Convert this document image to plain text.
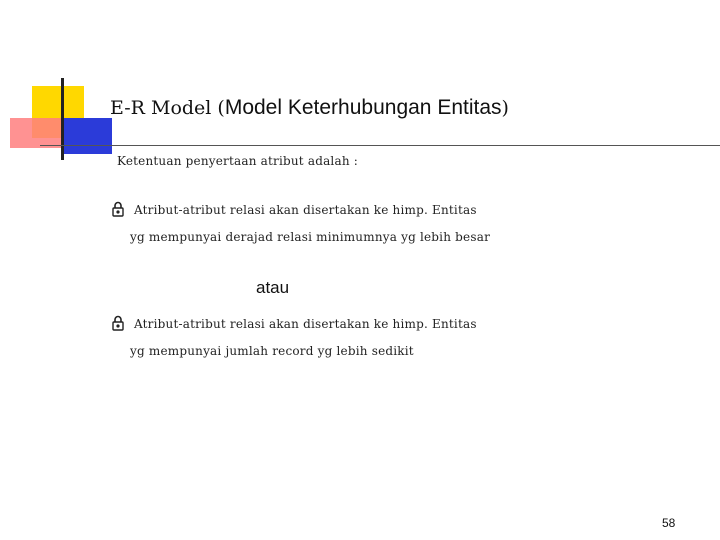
E-R Model (Model Keterhubungan Entitas)
Ketentuan penyertaan atribut adalah :
Atribut-atribut relasi akan disertakan ke himp. Entitas
yg mempunyai derajad relasi minimumnya yg lebih besar
atau
Atribut-atribut relasi akan disertakan ke himp. Entitas
yg mempunyai jumlah record yg lebih sedikit
58
